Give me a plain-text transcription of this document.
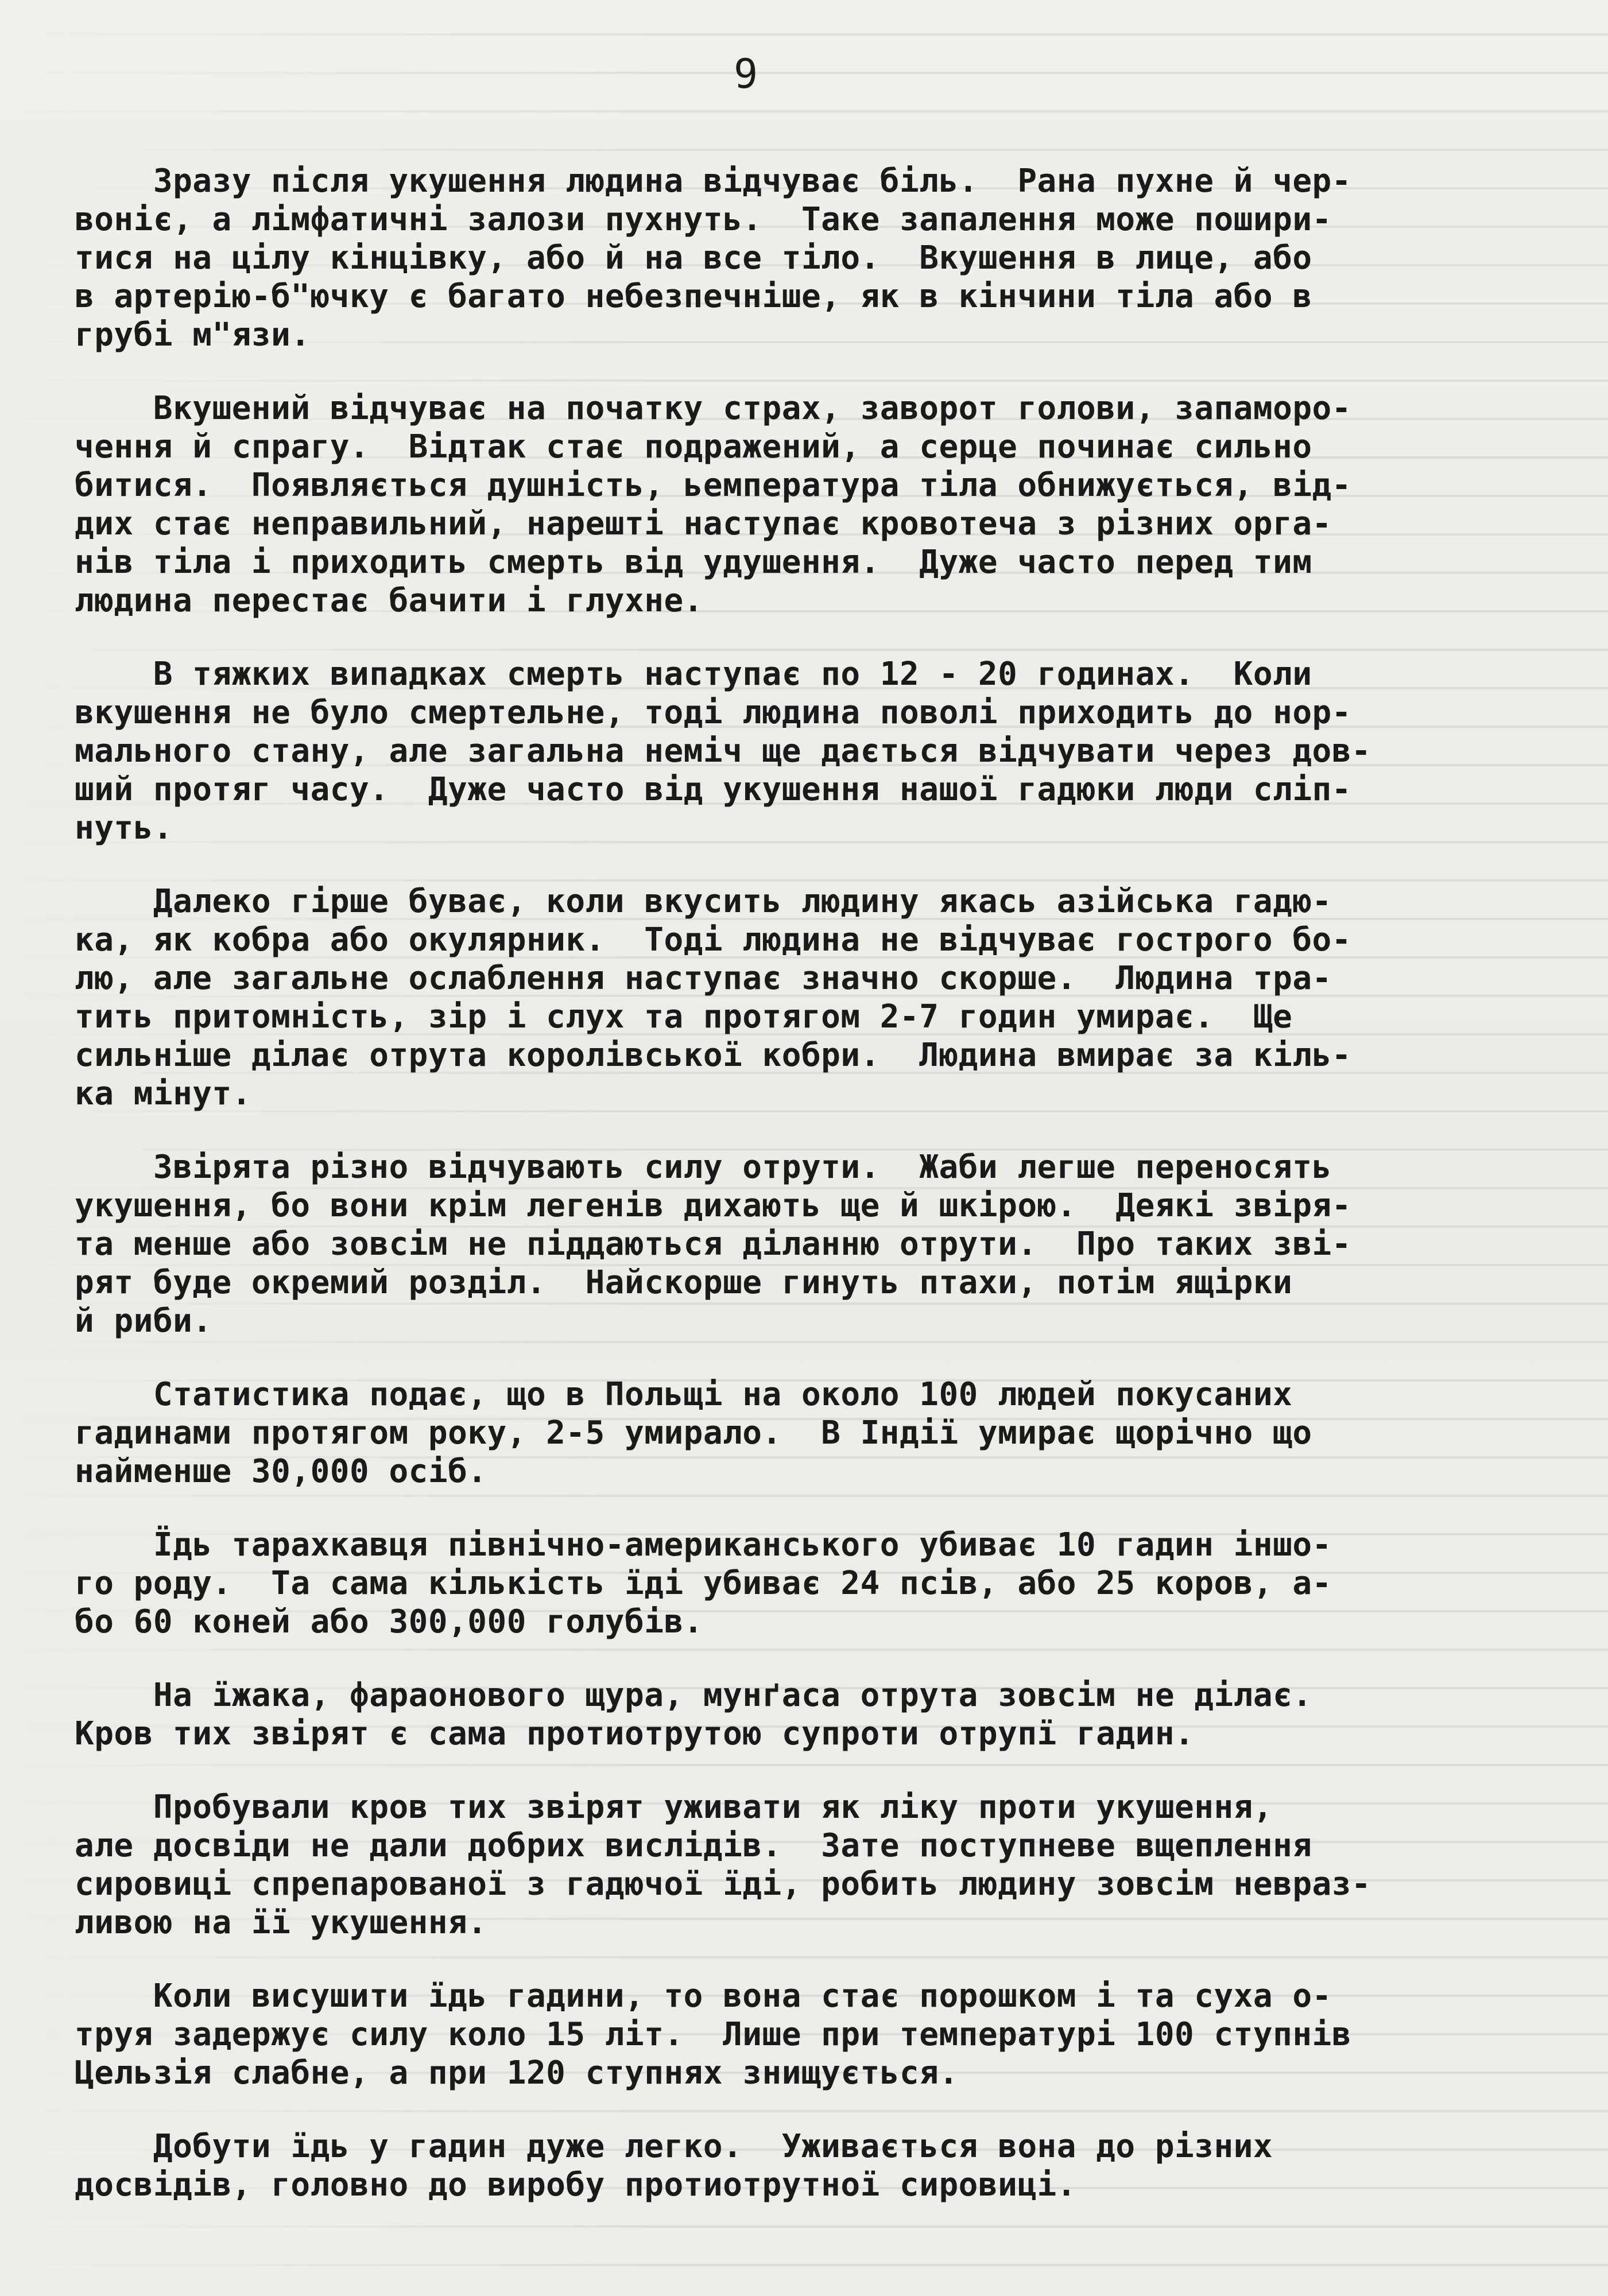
9

Зразу після укушення людина відчуває біль.  Рана пухне й чер-
воніє, а лімфатичні залози пухнуть.  Таке запалення може пошири-
тися на цілу кінцівку, або й на все тіло.  Вкушення в лице, або
в артерію-б"ючку є багато небезпечніше, як в кінчини тіла або в
грубі м"язи.
Вкушений відчуває на початку страх, заворот голови, запаморо-
чення й спрагу.  Відтак стає подражений, а серце починає сильно
битися.  Появляється душність, ьемпература тіла обнижується, від-
дих стає неправильний, нарешті наступає кровотеча з різних орга-
нів тіла і приходить смерть від удушення.  Дуже часто перед тим
людина перестає бачити і глухне.
В тяжких випадках смерть наступає по 12 - 20 годинах.  Коли
вкушення не було смертельне, тоді людина поволі приходить до нор-
мального стану, але загальна неміч ще дається відчувати через дов-
ший протяг часу.  Дуже часто від укушення нашої гадюки люди сліп-
нуть.
Далеко гірше буває, коли вкусить людину якась азійська гадю-
ка, як кобра або окулярник.  Тоді людина не відчуває гострого бо-
лю, але загальне ослаблення наступає значно скорше.  Людина тра-
тить притомність, зір і слух та протягом 2-7 годин умирає.  Ще
сильніше ділає отрута королівської кобри.  Людина вмирає за кіль-
ка мінут.
Звірята різно відчувають силу отрути.  Жаби легше переносять
укушення, бо вони крім легенів дихають ще й шкірою.  Деякі звіря-
та менше або зовсім не піддаються діланню отрути.  Про таких зві-
рят буде окремий розділ.  Найскорше гинуть птахи, потім ящірки
й риби.
Статистика подає, що в Польщі на около 100 людей покусаних
гадинами протягом року, 2-5 умирало.  В Індії умирає щорічно що
найменше 30,000 осіб.
Їдь тарахкавця північно-американського убиває 10 гадин іншо-
го роду.  Та сама кількість їді убиває 24 псів, або 25 коров, а-
бо 60 коней або 300,000 голубів.
На їжака, фараонового щура, мунґаса отрута зовсім не ділає.
Кров тих звірят є сама протиотрутою супроти отрупї гадин.
Пробували кров тих звірят уживати як ліку проти укушення,
але досвіди не дали добрих вислідів.  Зате поступневе вщеплення
сировиці спрепарованої з гадючої їді, робить людину зовсім невраз-
ливою на її укушення.
Коли висушити їдь гадини, то вона стає порошком і та суха о-
труя задержує силу коло 15 літ.  Лише при температурі 100 ступнів
Цельзія слабне, а при 120 ступнях знищується.
Добути їдь у гадин дуже легко.  Уживається вона до різних
досвідів, головно до виробу протиотрутної сировиці.
